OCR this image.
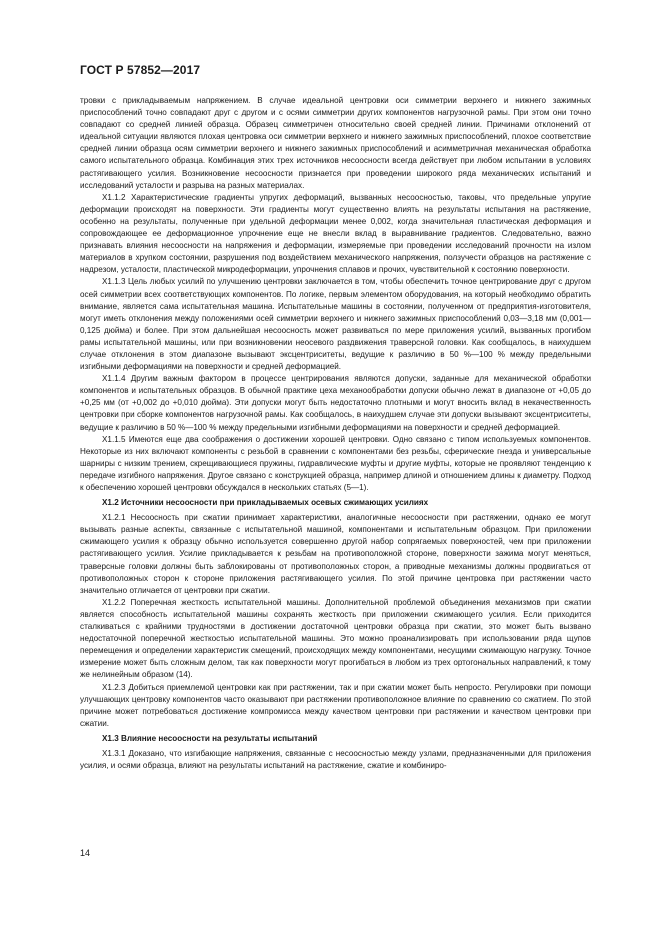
ГОСТ Р 57852—2017

тровки с прикладываемым напряжением. В случае идеальной центровки оси симметрии верхнего и нижнего зажимных приспособлений точно совпадают друг с другом и с осями симметрии других компонентов нагрузочной рамы. При этом они точно совпадают со средней линией образца. Образец симметричен относительно своей средней линии. Причинами отклонений от идеальной ситуации являются плохая центровка оси симметрии верхнего и нижнего зажимных приспособлений, плохое соответствие средней линии образца осям симметрии верхнего и нижнего зажимных приспособлений и асимметричная механическая обработка самого испытательного образца. Комбинация этих трех источников несоосности всегда действует при любом испытании в условиях растягивающего усилия. Возникновение несоосности признается при проведении широкого ряда механических испытаний и исследований усталости и разрыва на разных материалах.

Х1.1.2 Характеристические градиенты упругих деформаций, вызванных несоосностью, таковы, что предельные упругие деформации происходят на поверхности. Эти градиенты могут существенно влиять на результаты испытания на растяжение, особенно на результаты, полученные при удельной деформации менее 0,002, когда значительная пластическая деформация и сопровождающее ее деформационное упрочнение еще не внесли вклад в выравнивание градиентов. Следовательно, важно признавать влияния несоосности на напряжения и деформации, измеряемые при проведении исследований прочности на излом материалов в хрупком состоянии, разрушения под воздействием механического напряжения, ползучести образцов на растяжение с надрезом, усталости, пластической микродеформации, упрочнения сплавов и прочих, чувствительной к состоянию поверхности.

Х1.1.3 Цель любых усилий по улучшению центровки заключается в том, чтобы обеспечить точное центрирование друг с другом осей симметрии всех соответствующих компонентов. По логике, первым элементом оборудования, на который необходимо обратить внимание, является сама испытательная машина. Испытательные машины в состоянии, полученном от предприятия-изготовителя, могут иметь отклонения между положениями осей симметрии верхнего и нижнего зажимных приспособлений 0,03—3,18 мм (0,001—0,125 дюйма) и более. При этом дальнейшая несоосность может развиваться по мере приложения усилий, вызванных прогибом рамы испытательной машины, или при возникновении неосевого раздвижения траверсной головки. Как сообщалось, в наихудшем случае отклонения в этом диапазоне вызывают эксцентриситеты, ведущие к различию в 50 %—100 % между предельными изгибными деформациями на поверхности и средней деформацией.

Х1.1.4 Другим важным фактором в процессе центрирования являются допуски, заданные для механической обработки компонентов и испытательных образцов. В обычной практике цеха механообработки допуски обычно лежат в диапазоне от +0,05 до +0,25 мм (от +0,002 до +0,010 дюйма). Эти допуски могут быть недостаточно плотными и могут вносить вклад в некачественность центровки при сборке компонентов нагрузочной рамы. Как сообщалось, в наихудшем случае эти допуски вызывают эксцентриситеты, ведущие к различию в 50 %—100 % между предельными изгибными деформациями на поверхности и средней деформацией.

Х1.1.5 Имеются еще два соображения о достижении хорошей центровки. Одно связано с типом используемых компонентов. Некоторые из них включают компоненты с резьбой в сравнении с компонентами без резьбы, сферические гнезда и универсальные шарниры с низким трением, скрещивающиеся пружины, гидравлические муфты и другие муфты, которые не проявляют тенденцию к передаче изгибного напряжения. Другое связано с конструкцией образца, например длиной и отношением длины к диаметру. Подход к обеспечению хорошей центровки обсуждался в нескольких статьях (5—1).

Х1.2 Источники несоосности при прикладываемых осевых сжимающих усилиях

Х1.2.1 Несоосность при сжатии принимает характеристики, аналогичные несоосности при растяжении, однако ее могут вызывать разные аспекты, связанные с испытательной машиной, компонентами и испытательным образцом. При приложении сжимающего усилия к образцу обычно используется совершенно другой набор сопрягаемых поверхностей, чем при приложении растягивающего усилия. Усилие прикладывается к резьбам на противоположной стороне, поверхности зажима могут меняться, траверсные головки должны быть заблокированы от противоположных сторон, а приводные механизмы должны продвигаться от противоположных сторон к стороне приложения растягивающего усилия. По этой причине центровка при растяжении часто значительно отличается от центровки при сжатии.

Х1.2.2 Поперечная жесткость испытательной машины. Дополнительной проблемой объединения механизмов при сжатии является способность испытательной машины сохранять жесткость при приложении сжимающего усилия. Если приходится сталкиваться с крайними трудностями в достижении достаточной центровки образца при сжатии, это может быть вызвано недостаточной поперечной жесткостью испытательной машины. Это можно проанализировать при использовании ряда щупов перемещения и определении характеристик смещений, происходящих между компонентами, несущими сжимающую нагрузку. Точное измерение может быть сложным делом, так как поверхности могут прогибаться в любом из трех ортогональных направлений, к тому же нелинейным образом (14).

Х1.2.3 Добиться приемлемой центровки как при растяжении, так и при сжатии может быть непросто. Регулировки при помощи улучшающих центровку компонентов часто оказывают при растяжении противоположное влияние по сравнению со сжатием. По этой причине может потребоваться достижение компромисса между качеством центровки при растяжении и качеством центровки при сжатии.

Х1.3 Влияние несоосности на результаты испытаний

Х1.3.1 Доказано, что изгибающие напряжения, связанные с несоосностью между узлами, предназначенными для приложения усилия, и осями образца, влияют на результаты испытаний на растяжение, сжатие и комбиниро-

14
